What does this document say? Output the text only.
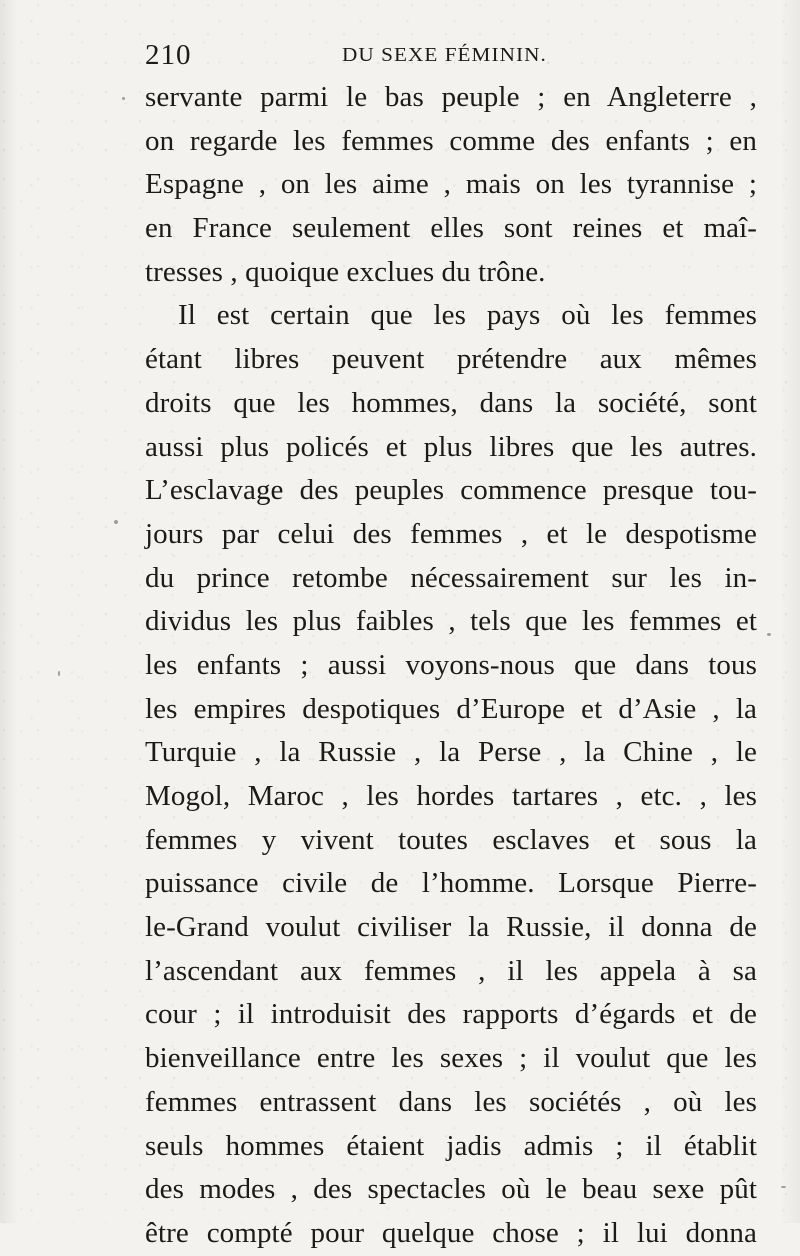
210	DU SEXE FÉMININ.
servante parmi le bas peuple ; en Angleterre ,
on regarde les femmes comme des enfants ; en
Espagne , on les aime , mais on les tyrannise ;
en France seulement elles sont reines et maî-
tresses , quoique exclues du trône.
Il est certain que les pays où les femmes
étant libres peuvent prétendre aux mêmes
droits que les hommes, dans la société, sont
aussi plus policés et plus libres que les autres.
L’esclavage des peuples commence presque tou-
jours par celui des femmes , et le despotisme
du prince retombe nécessairement sur les in-
dividus les plus faibles , tels que les femmes et
les enfants ; aussi voyons-nous que dans tous
les empires despotiques d’Europe et d’Asie , la
Turquie , la Russie , la Perse , la Chine , le
Mogol, Maroc , les hordes tartares , etc. , les
femmes y vivent toutes esclaves et sous la
puissance civile de l’homme. Lorsque Pierre-
le-Grand voulut civiliser la Russie, il donna de
l’ascendant aux femmes , il les appela à sa
cour ; il introduisit des rapports d’égards et de
bienveillance entre les sexes ; il voulut que les
femmes entrassent dans les sociétés , où les
seuls hommes étaient jadis admis ; il établit
des modes , des spectacles où le beau sexe pût
être compté pour quelque chose ; il lui donna
